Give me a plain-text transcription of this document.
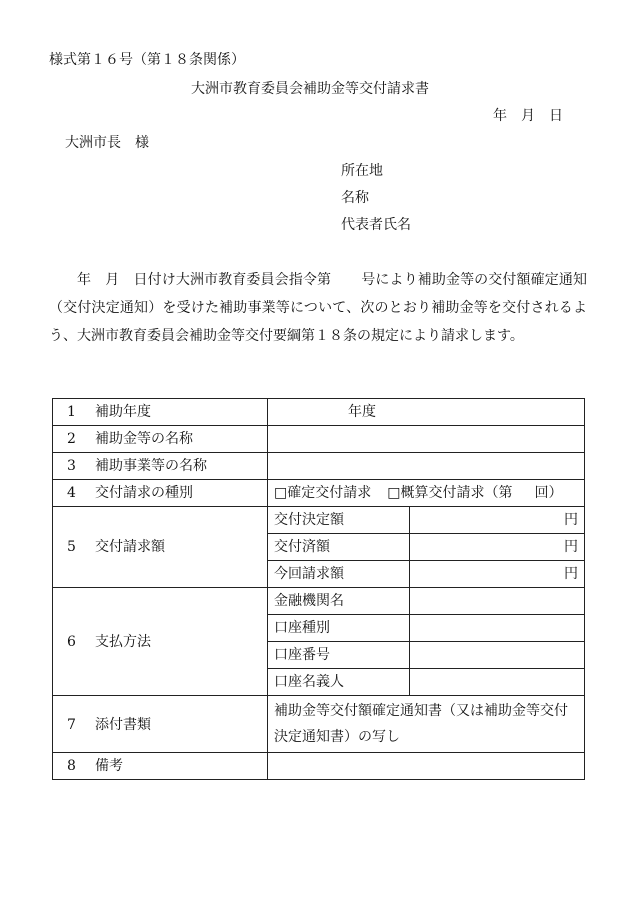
様式第１６号（第１８条関係）
大洲市教育委員会補助金等交付請求書
年　月　日
大洲市長　様
所在地
名称
代表者氏名
年　月　日付け大洲市教育委員会指令第 号により補助金等の交付額確定通知（交付決定通知）を受けた補助事業等について、次のとおり補助金等を交付されるよう、大洲市教育委員会補助金等交付要綱第１８条の規定により請求します。
1 補助年度	年度	
2 補助金等の名称		
3 補助事業等の名称		
4 交付請求の種別	□確定交付請求 □概算交付請求（第 回）	
5 交付請求額	交付決定額	円

	交付済額	円

	今回請求額	円

6 支払方法	金融機関名	
	口座種別	
	口座番号	
	口座名義人	
7 添付書類	補助金等交付額確定通知書（又は補助金等交付決定通知書）の写し	
8 備考		
